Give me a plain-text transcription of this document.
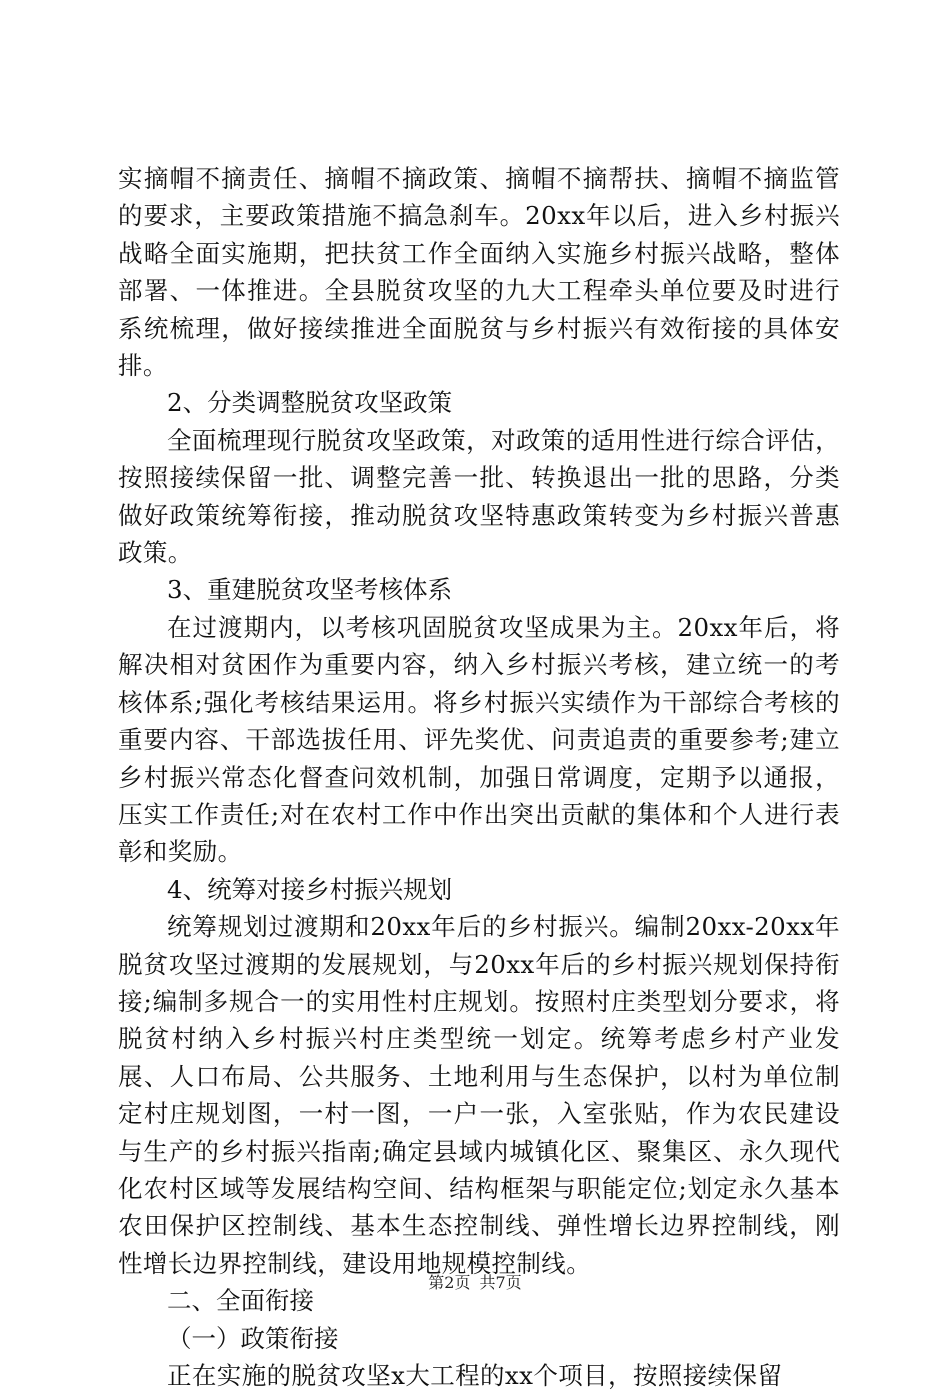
实摘帽不摘责任、摘帽不摘政策、摘帽不摘帮扶、摘帽不摘监管的要求，主要政策措施不搞急刹车。20xx年以后，进入乡村振兴战略全面实施期，把扶贫工作全面纳入实施乡村振兴战略，整体部署、一体推进。全县脱贫攻坚的九大工程牵头单位要及时进行系统梳理，做好接续推进全面脱贫与乡村振兴有效衔接的具体安排。

2、分类调整脱贫攻坚政策

全面梳理现行脱贫攻坚政策，对政策的适用性进行综合评估，按照接续保留一批、调整完善一批、转换退出一批的思路，分类做好政策统筹衔接，推动脱贫攻坚特惠政策转变为乡村振兴普惠政策。

3、重建脱贫攻坚考核体系

在过渡期内，以考核巩固脱贫攻坚成果为主。20xx年后，将解决相对贫困作为重要内容，纳入乡村振兴考核，建立统一的考核体系;强化考核结果运用。将乡村振兴实绩作为干部综合考核的重要内容、干部选拔任用、评先奖优、问责追责的重要参考;建立乡村振兴常态化督查问效机制，加强日常调度，定期予以通报，压实工作责任;对在农村工作中作出突出贡献的集体和个人进行表彰和奖励。

4、统筹对接乡村振兴规划

统筹规划过渡期和20xx年后的乡村振兴。编制20xx-20xx年脱贫攻坚过渡期的发展规划，与20xx年后的乡村振兴规划保持衔接;编制多规合一的实用性村庄规划。按照村庄类型划分要求，将脱贫村纳入乡村振兴村庄类型统一划定。统筹考虑乡村产业发展、人口布局、公共服务、土地利用与生态保护，以村为单位制定村庄规划图，一村一图，一户一张，入室张贴，作为农民建设与生产的乡村振兴指南;确定县域内城镇化区、聚集区、永久现代化农村区域等发展结构空间、结构框架与职能定位;划定永久基本农田保护区控制线、基本生态控制线、弹性增长边界控制线，刚性增长边界控制线，建设用地规模控制线。

二、全面衔接

（一）政策衔接

正在实施的脱贫攻坚x大工程的xx个项目，按照接续保留

第2页 共7页
